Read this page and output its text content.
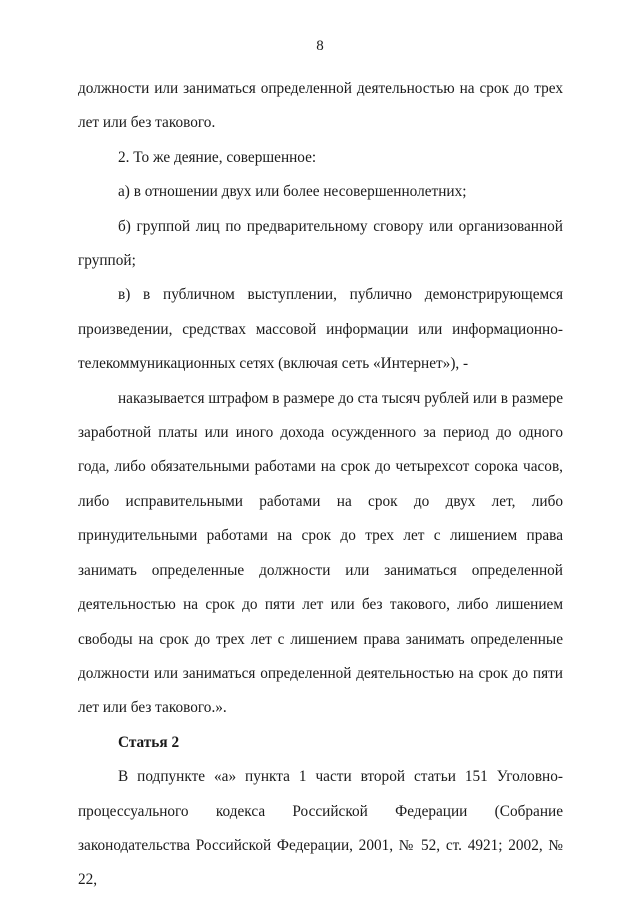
8

должности или заниматься определенной деятельностью на срок до трех лет или без такового.

2. То же деяние, совершенное:

а) в отношении двух или более несовершеннолетних;

б) группой лиц по предварительному сговору или организованной группой;

в) в публичном выступлении, публично демонстрирующемся произведении, средствах массовой информации или информационно-телекоммуникационных сетях (включая сеть «Интернет»), -

наказывается штрафом в размере до ста тысяч рублей или в размере заработной платы или иного дохода осужденного за период до одного года, либо обязательными работами на срок до четырехсот сорока часов, либо исправительными работами на срок до двух лет, либо принудительными работами на срок до трех лет с лишением права занимать определенные должности или заниматься определенной деятельностью на срок до пяти лет или без такового, либо лишением свободы на срок до трех лет с лишением права занимать определенные должности или заниматься определенной деятельностью на срок до пяти лет или без такового.».

Статья 2

В подпункте «а» пункта 1 части второй статьи 151 Уголовно-процессуального кодекса Российской Федерации (Собрание законодательства Российской Федерации, 2001, № 52, ст. 4921; 2002, № 22,
